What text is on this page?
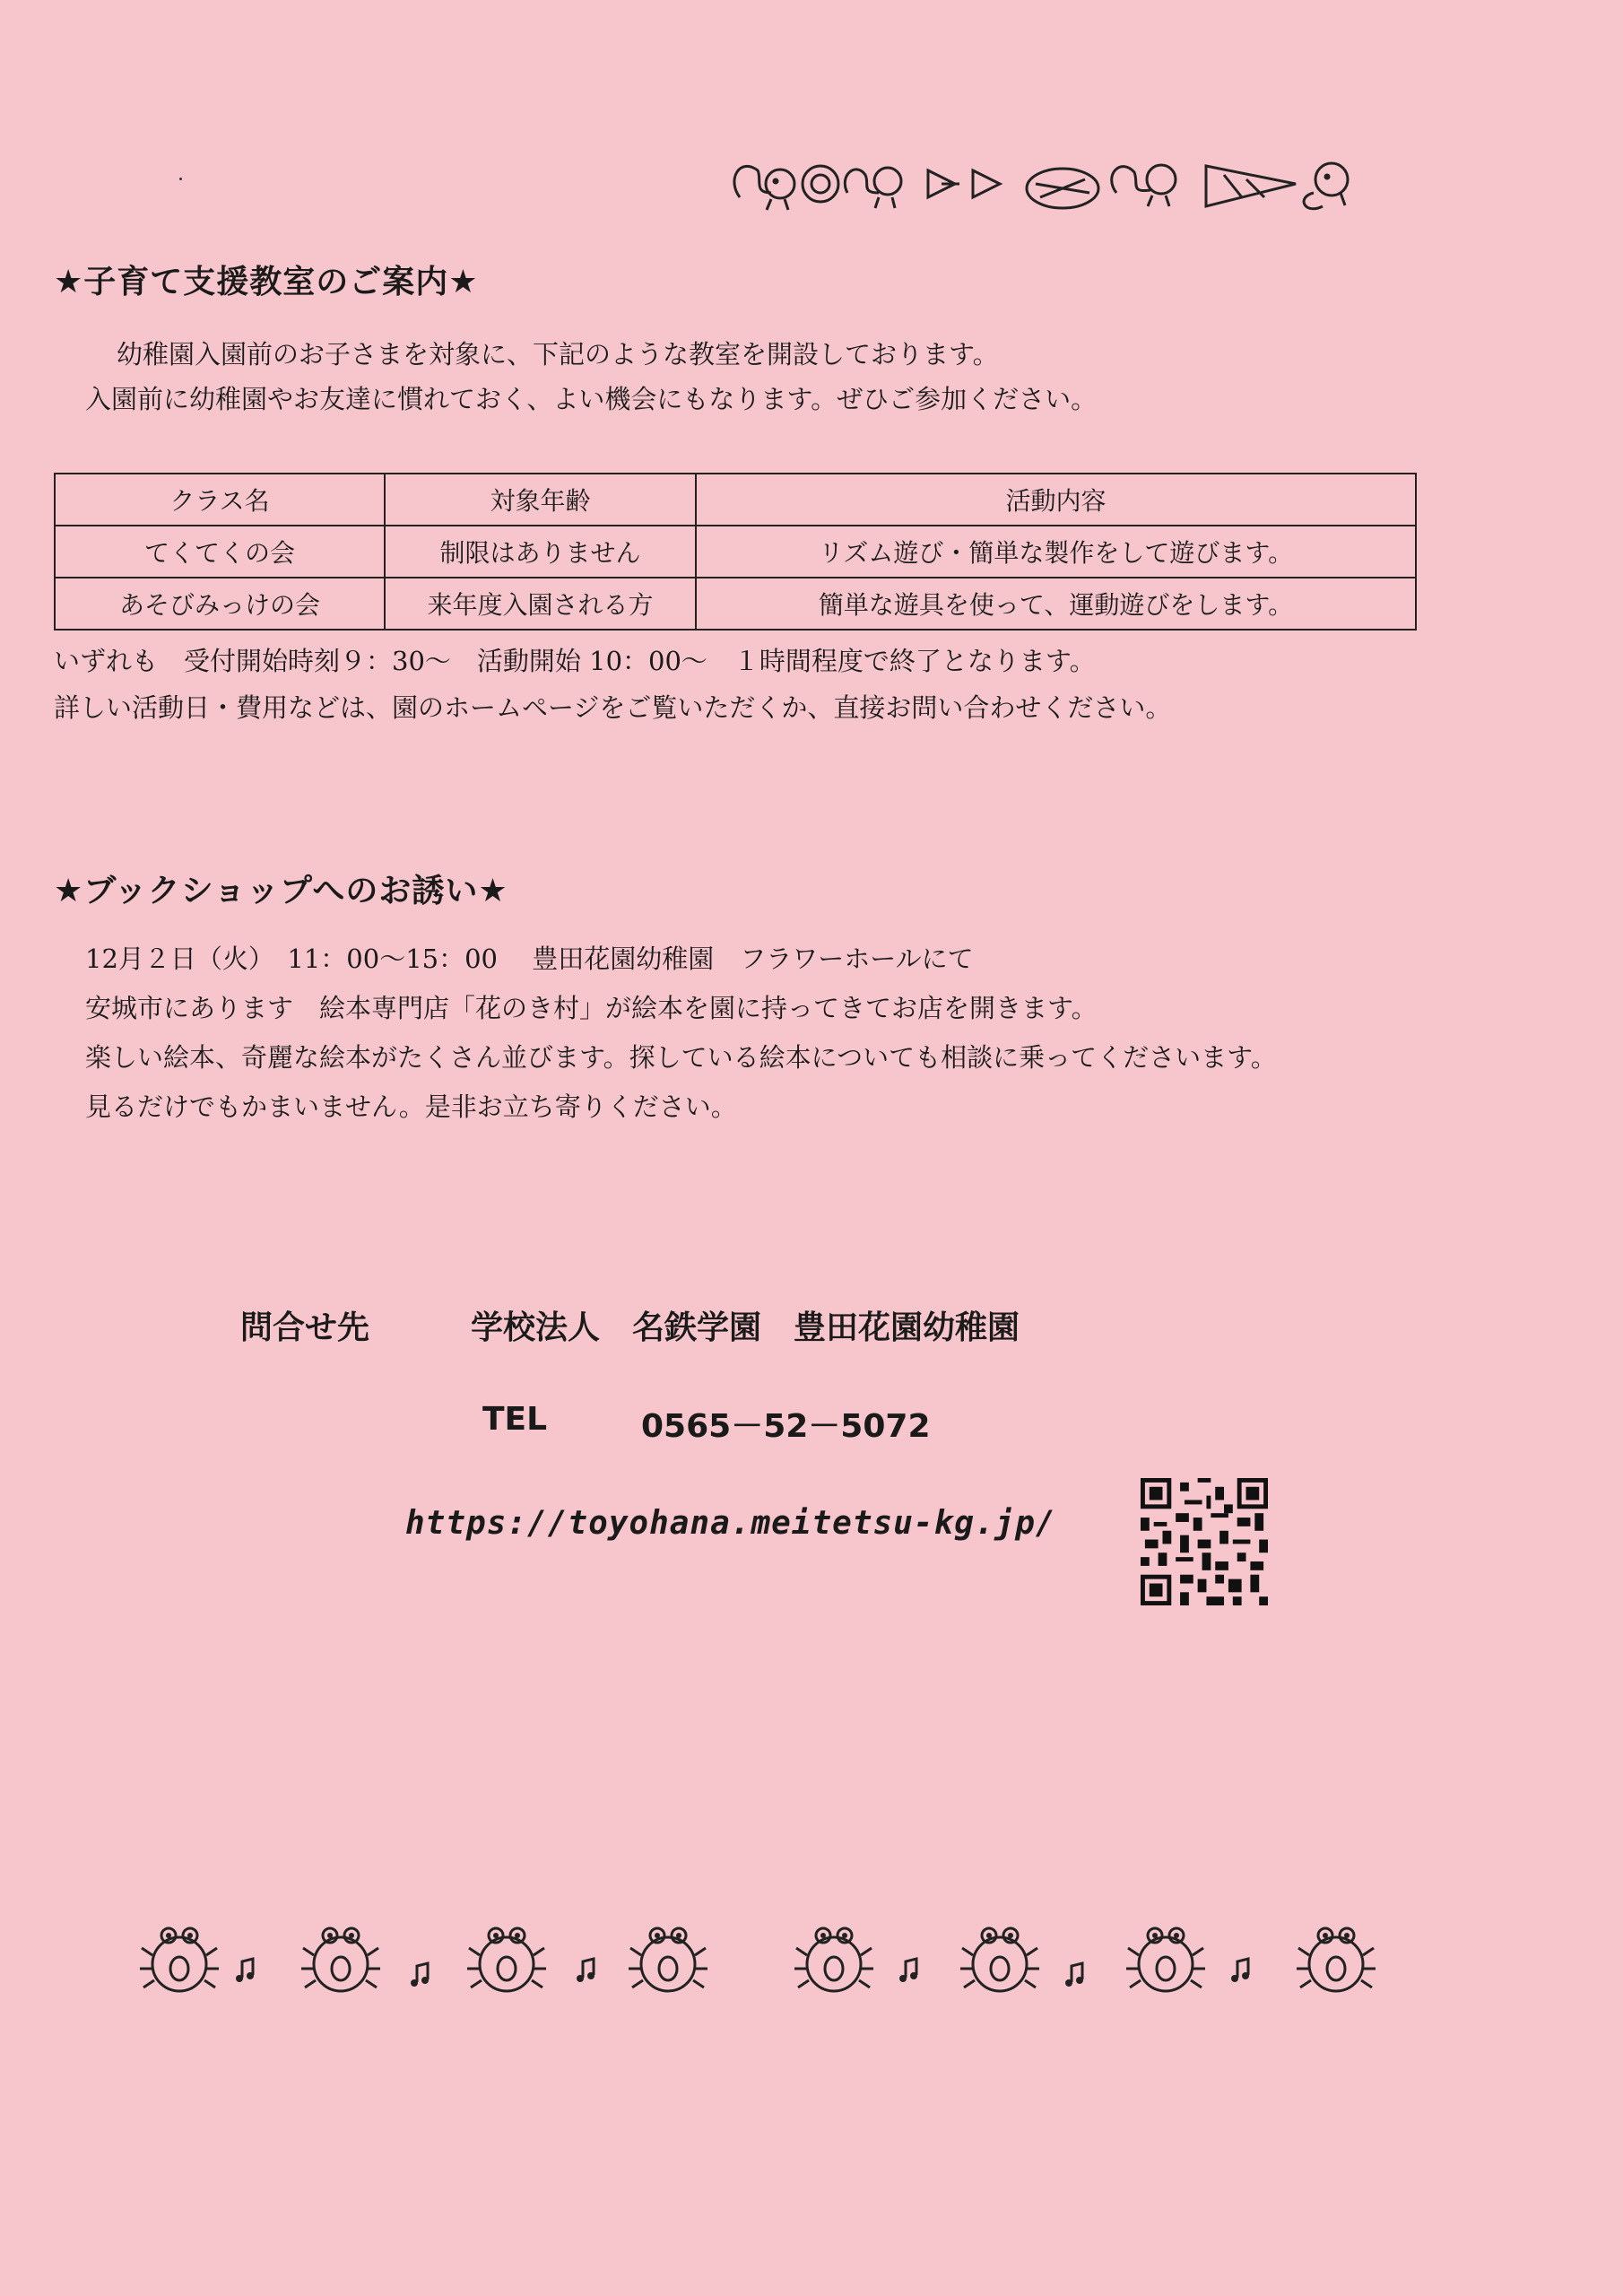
★子育て支援教室のご案内★
幼稚園入園前のお子さまを対象に、下記のような教室を開設しております。
入園前に幼稚園やお友達に慣れておく、よい機会にもなります。ぜひご参加ください。
クラス名	対象年齢	活動内容
てくてくの会	制限はありません	リズム遊び・簡単な製作をして遊びます。
あそびみっけの会	来年度入園される方	簡単な遊具を使って、運動遊びをします。
いずれも　受付開始時刻９：30～　活動開始 10：00～　１時間程度で終了となります。
詳しい活動日・費用などは、園のホームページをご覧いただくか、直接お問い合わせください。
★ブックショップへのお誘い★
12月２日（火）　11：00～15：00　 豊田花園幼稚園　フラワーホールにて
安城市にあります　絵本専門店「花のき村」が絵本を園に持ってきてお店を開きます。
楽しい絵本、奇麗な絵本がたくさん並びます。探している絵本についても相談に乗ってくださいます。
見るだけでもかまいません。是非お立ち寄りください。
問合せ先	学校法人　名鉄学園　豊田花園幼稚園
TEL	0565－52－5072
https://toyohana.meitetsu-kg.jp/
